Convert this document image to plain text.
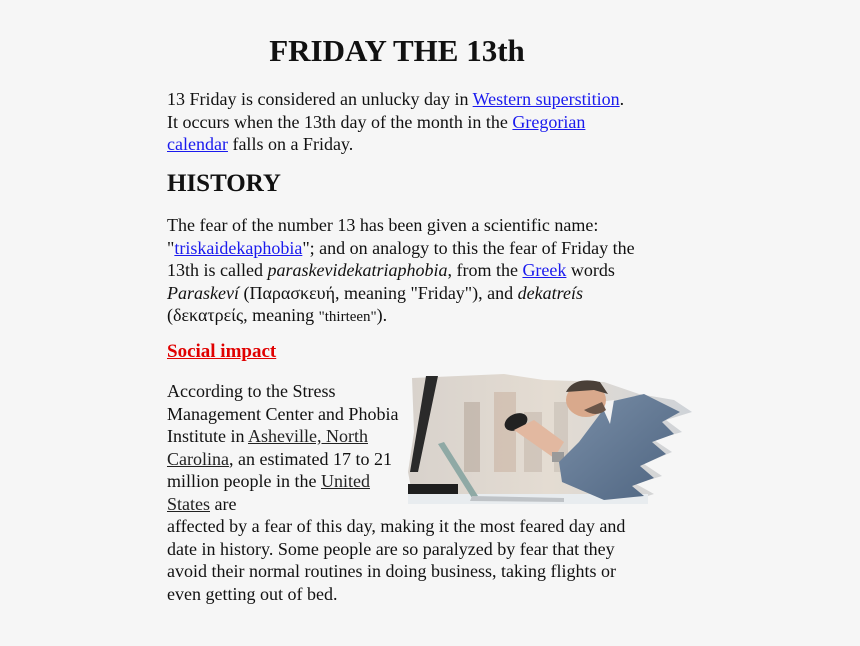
FRIDAY THE 13th

13 Friday is considered an unlucky day in Western superstition. It occurs when the 13th day of the month in the Gregorian calendar falls on a Friday.

HISTORY

The fear of the number 13 has been given a scientific name: "triskaidekaphobia"; and on analogy to this the fear of Friday the 13th is called paraskevidekatriaphobia, from the Greek words Paraskeví (Παρασκευή, meaning "Friday"), and dekatreís (δεκατρείς, meaning "thirteen").

Social impact

According to the Stress Management Center and Phobia Institute in Asheville, North Carolina, an estimated 17 to 21 million people in the United States are

affected by a fear of this day, making it the most feared day and date in history. Some people are so paralyzed by fear that they avoid their normal routines in doing business, taking flights or even getting out of bed.
